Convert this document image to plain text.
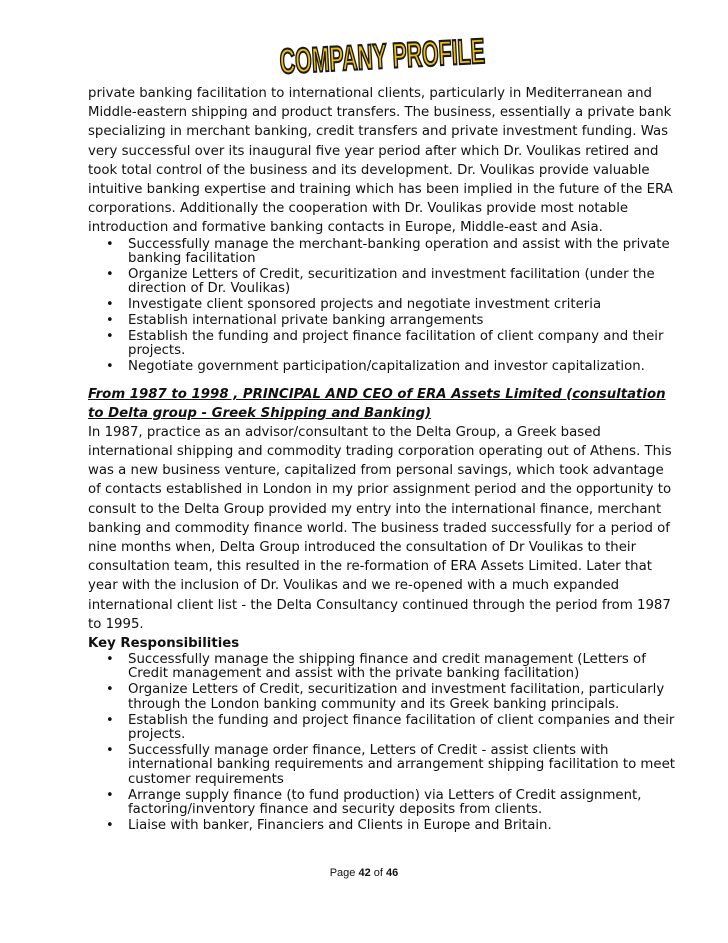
COMPANY PROFILE

private banking facilitation to international clients, particularly in Mediterranean and Middle-eastern shipping and product transfers. The business, essentially a private bank specializing in merchant banking, credit transfers and private investment funding. Was very successful over its inaugural five year period after which Dr. Voulikas retired and took total control of the business and its development. Dr. Voulikas provide valuable intuitive banking expertise and training which has been implied in the future of the ERA corporations. Additionally the cooperation with Dr. Voulikas provide most notable introduction and formative banking contacts in Europe, Middle-east and Asia.

• Successfully manage the merchant-banking operation and assist with the private banking facilitation
• Organize Letters of Credit, securitization and investment facilitation (under the direction of Dr. Voulikas)
• Investigate client sponsored projects and negotiate investment criteria
• Establish international private banking arrangements
• Establish the funding and project finance facilitation of client company and their projects.
• Negotiate government participation/capitalization and investor capitalization.
From 1987 to 1998 , PRINCIPAL AND CEO of ERA Assets Limited (consultation to Delta group - Greek Shipping and Banking)

In 1987, practice as an advisor/consultant to the Delta Group, a Greek based international shipping and commodity trading corporation operating out of Athens. This was a new business venture, capitalized from personal savings, which took advantage of contacts established in London in my prior assignment period and the opportunity to consult to the Delta Group provided my entry into the international finance, merchant banking and commodity finance world. The business traded successfully for a period of nine months when, Delta Group introduced the consultation of Dr Voulikas to their consultation team, this resulted in the re-formation of ERA Assets Limited. Later that year with the inclusion of Dr. Voulikas and we re-opened with a much expanded international client list - the Delta Consultancy continued through the period from 1987 to 1995.

Key Responsibilities
• Successfully manage the shipping finance and credit management (Letters of Credit management and assist with the private banking facilitation)
• Organize Letters of Credit, securitization and investment facilitation, particularly through the London banking community and its Greek banking principals.
• Establish the funding and project finance facilitation of client companies and their projects.
• Successfully manage order finance, Letters of Credit - assist clients with international banking requirements and arrangement shipping facilitation to meet customer requirements
• Arrange supply finance (to fund production) via Letters of Credit assignment, factoring/inventory finance and security deposits from clients.
• Liaise with banker, Financiers and Clients in Europe and Britain.
Page 42 of 46
